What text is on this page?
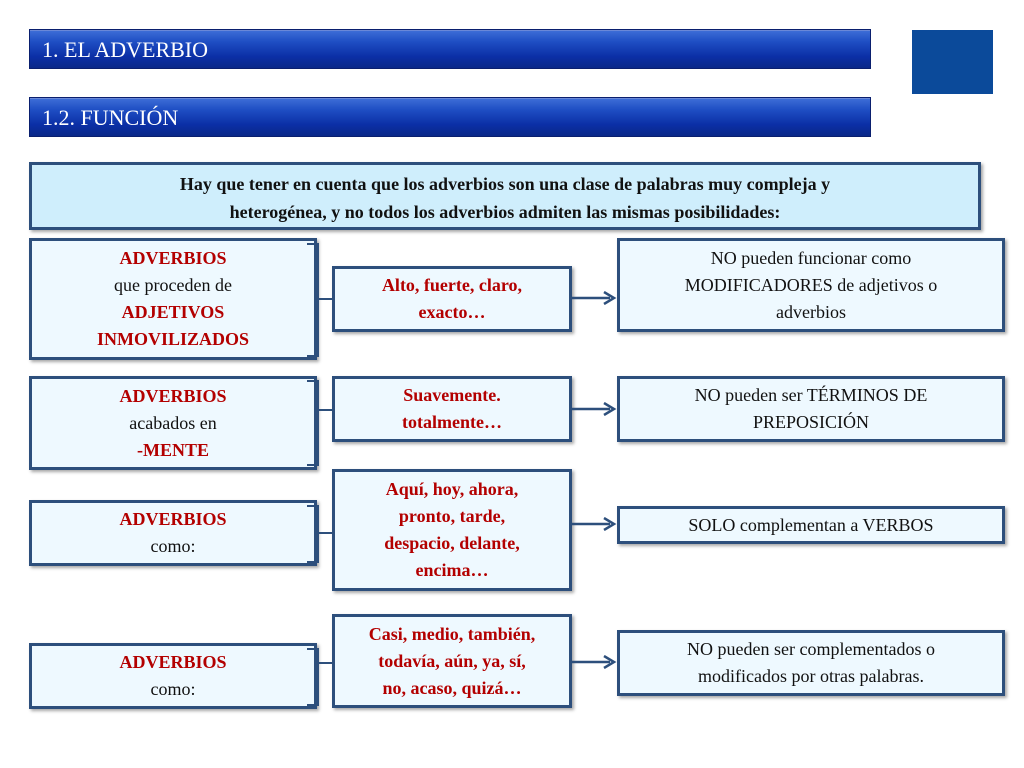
1. EL ADVERBIO
1.2. FUNCIÓN
Hay que tener en cuenta que los adverbios son una clase de palabras muy compleja y
heterogénea, y no todos los adverbios admiten las mismas posibilidades:
ADVERBIOS
que proceden de
ADJETIVOS
INMOVILIZADOS
Alto, fuerte, claro,
exacto…
NO pueden funcionar como
MODIFICADORES de adjetivos o
adverbios
ADVERBIOS
acabados en
-MENTE
Suavemente.
totalmente…
NO pueden ser TÉRMINOS DE
PREPOSICIÓN
ADVERBIOS
como:
Aquí, hoy, ahora,
pronto, tarde,
despacio, delante,
encima…
SOLO complementan a VERBOS
ADVERBIOS
como:
Casi, medio, también,
todavía, aún, ya, sí,
no, acaso, quizá…
NO pueden ser complementados o
modificados por otras palabras.
